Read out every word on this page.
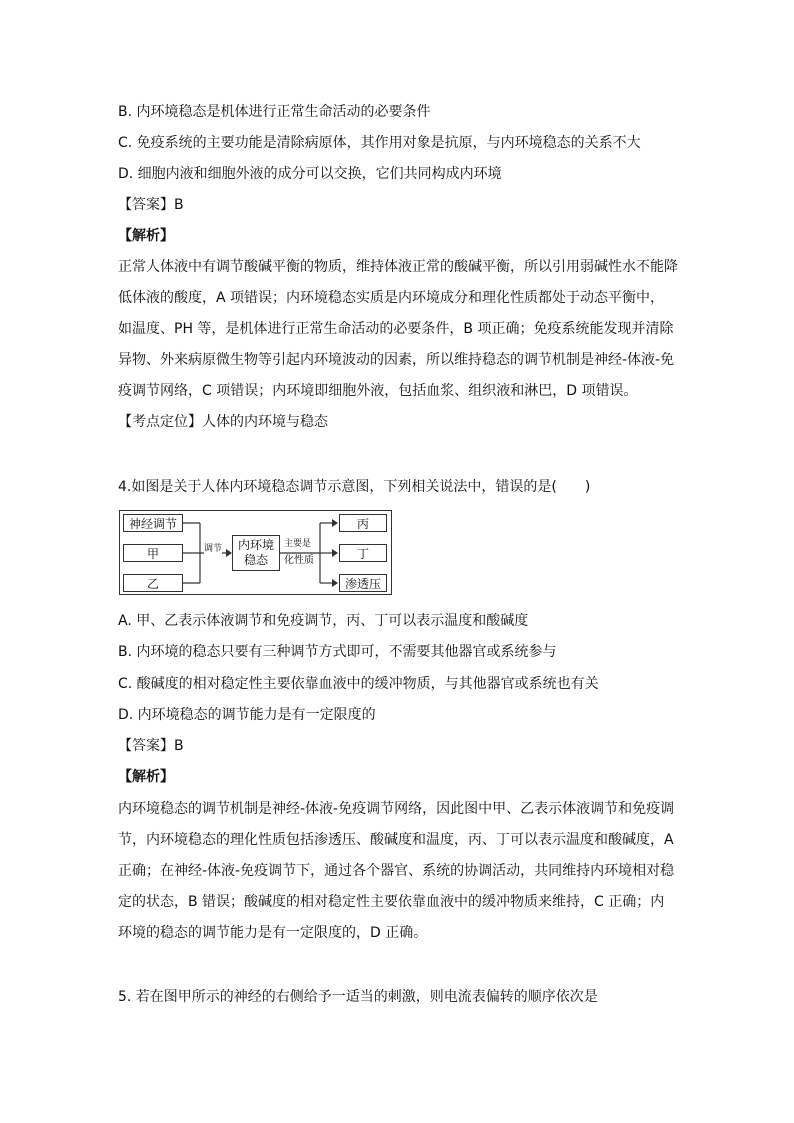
B. 内环境稳态是机体进行正常生命活动的必要条件
C. 免疫系统的主要功能是清除病原体，其作用对象是抗原，与内环境稳态的关系不大
D. 细胞内液和细胞外液的成分可以交换，它们共同构成内环境
【答案】B
【解析】
正常人体液中有调节酸碱平衡的物质，维持体液正常的酸碱平衡，所以引用弱碱性水不能降低体液的酸度，A 项错误；内环境稳态实质是内环境成分和理化性质都处于动态平衡中，如温度、PH 等，是机体进行正常生命活动的必要条件，B 项正确；免疫系统能发现并清除异物、外来病原微生物等引起内环境波动的因素，所以维持稳态的调节机制是神经-体液-免疫调节网络，C 项错误；内环境即细胞外液，包括血浆、组织液和淋巴，D 项错误。
【考点定位】人体的内环境与稳态
4.如图是关于人体内环境稳态调节示意图，下列相关说法中，错误的是(　　)
神经调节
甲
乙
调节 内环境
稳态
主要是
化性质
丙
丁
渗透压
A. 甲、乙表示体液调节和免疫调节，丙、丁可以表示温度和酸碱度
B. 内环境的稳态只要有三种调节方式即可，不需要其他器官或系统参与
C. 酸碱度的相对稳定性主要依靠血液中的缓冲物质，与其他器官或系统也有关
D. 内环境稳态的调节能力是有一定限度的
【答案】B
【解析】
内环境稳态的调节机制是神经-体液-免疫调节网络，因此图中甲、乙表示体液调节和免疫调节，内环境稳态的理化性质包括渗透压、酸碱度和温度，丙、丁可以表示温度和酸碱度，A 正确；在神经-体液-免疫调节下，通过各个器官、系统的协调活动，共同维持内环境相对稳定的状态，B 错误；酸碱度的相对稳定性主要依靠血液中的缓冲物质来维持，C 正确；内环境的稳态的调节能力是有一定限度的，D 正确。
5. 若在图甲所示的神经的右侧给予一适当的刺激，则电流表偏转的顺序依次是
